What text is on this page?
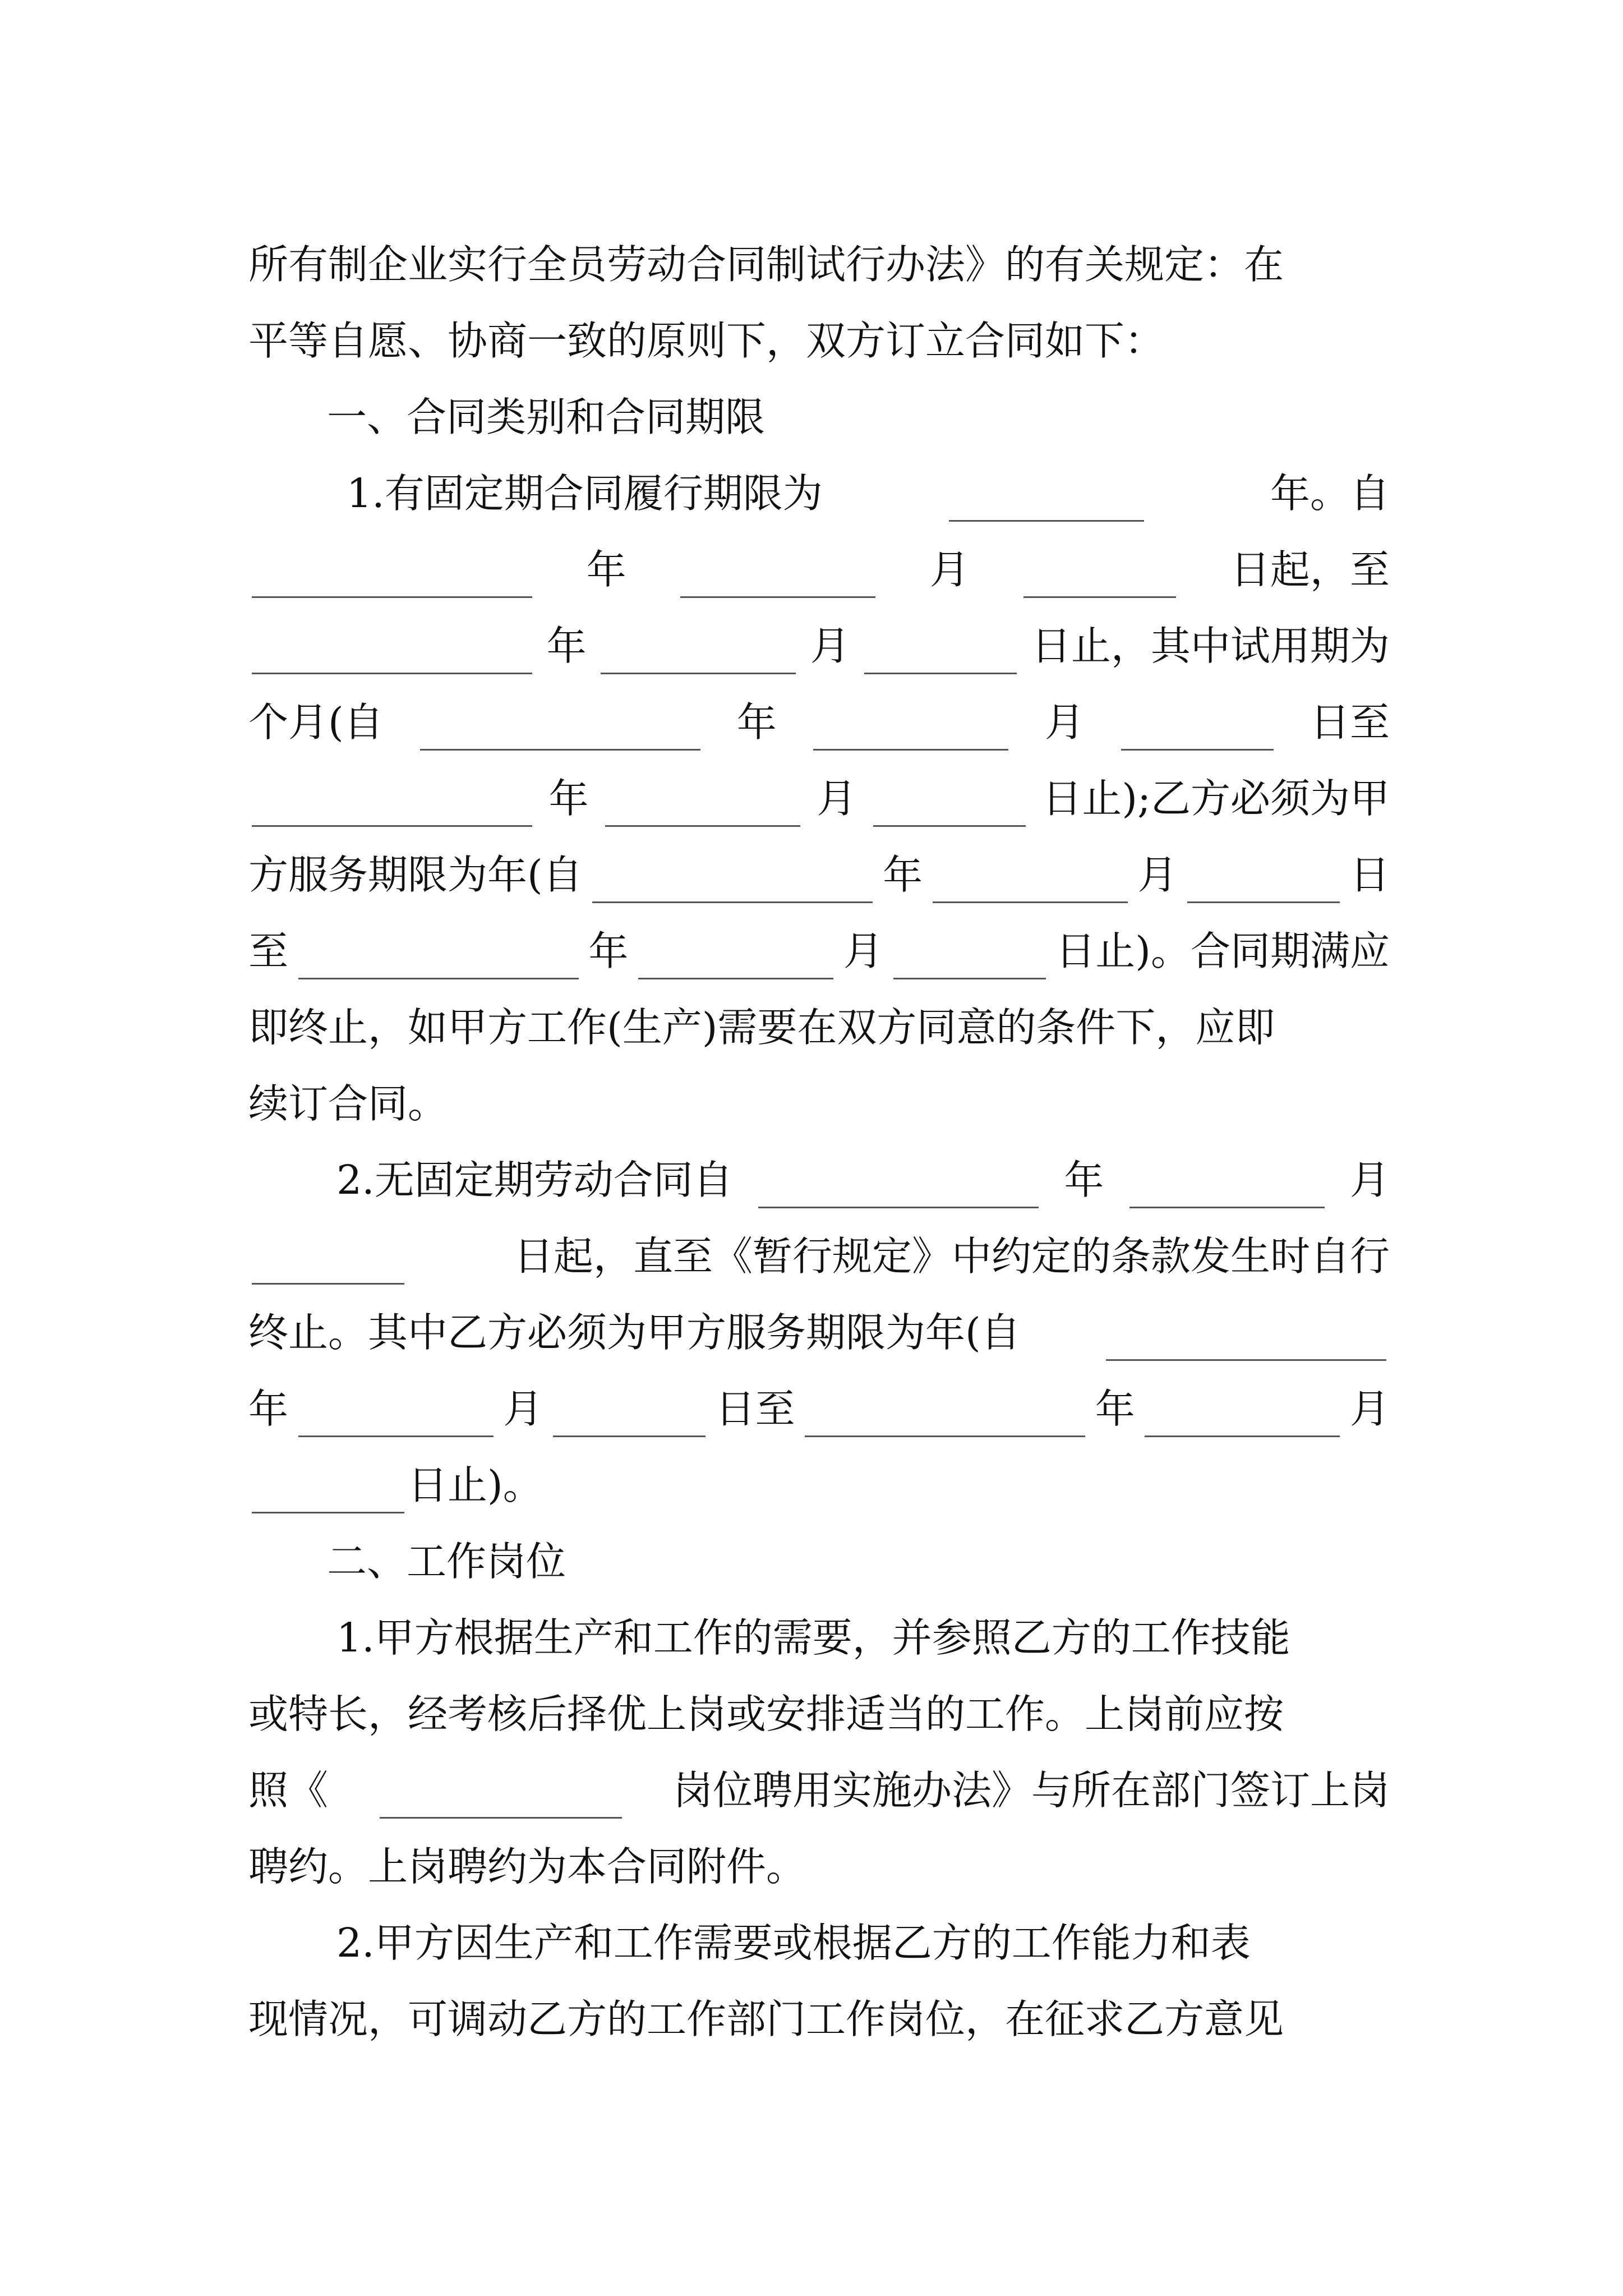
所有制企业实行全员劳动合同制试行办法》的有关规定：在
平等自愿、协商一致的原则下，双方订立合同如下：
一、合同类别和合同期限
1.有固定期合同履行期限为	年。自
年	月	日起，至
年	月	日止，其中试用期为
个月(自	年	月	日至
年	月	日止);乙方必须为甲
方服务期限为年(自	年	月	日
至	年	月	日止)。合同期满应
即终止，如甲方工作(生产)需要在双方同意的条件下，应即
续订合同。
2.无固定期劳动合同自	年	月
日起，直至《暂行规定》中约定的条款发生时自行
终止。其中乙方必须为甲方服务期限为年(自
年	月	日至	年	月
日止)。
二、工作岗位
1.甲方根据生产和工作的需要，并参照乙方的工作技能
或特长，经考核后择优上岗或安排适当的工作。上岗前应按
照《	岗位聘用实施办法》与所在部门签订上岗
聘约。上岗聘约为本合同附件。
2.甲方因生产和工作需要或根据乙方的工作能力和表
现情况，可调动乙方的工作部门工作岗位，在征求乙方意见
